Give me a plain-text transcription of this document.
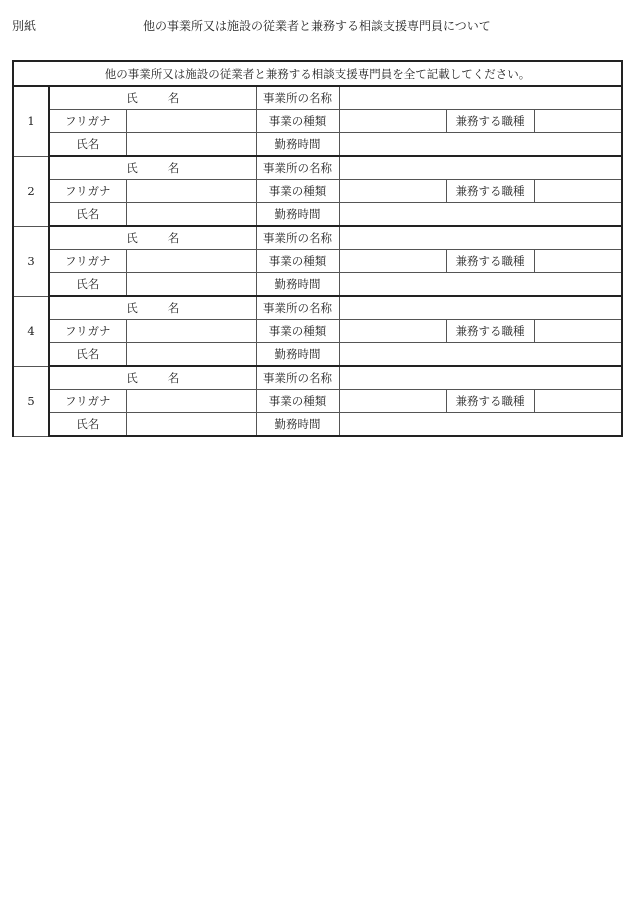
別紙	他の事業所又は施設の従業者と兼務する相談支援専門員について
他の事業所又は施設の従業者と兼務する相談支援専門員を全て記載してください。						
1	氏 名		事業所の名称			
	フリガナ		事業の種類		兼務する職種	
	氏名		勤務時間			
2	氏 名		事業所の名称			
	フリガナ		事業の種類		兼務する職種	
	氏名		勤務時間			
3	氏 名		事業所の名称			
	フリガナ		事業の種類		兼務する職種	
	氏名		勤務時間			
4	氏 名		事業所の名称			
	フリガナ		事業の種類		兼務する職種	
	氏名		勤務時間			
5	氏 名		事業所の名称			
	フリガナ		事業の種類		兼務する職種	
	氏名		勤務時間			
